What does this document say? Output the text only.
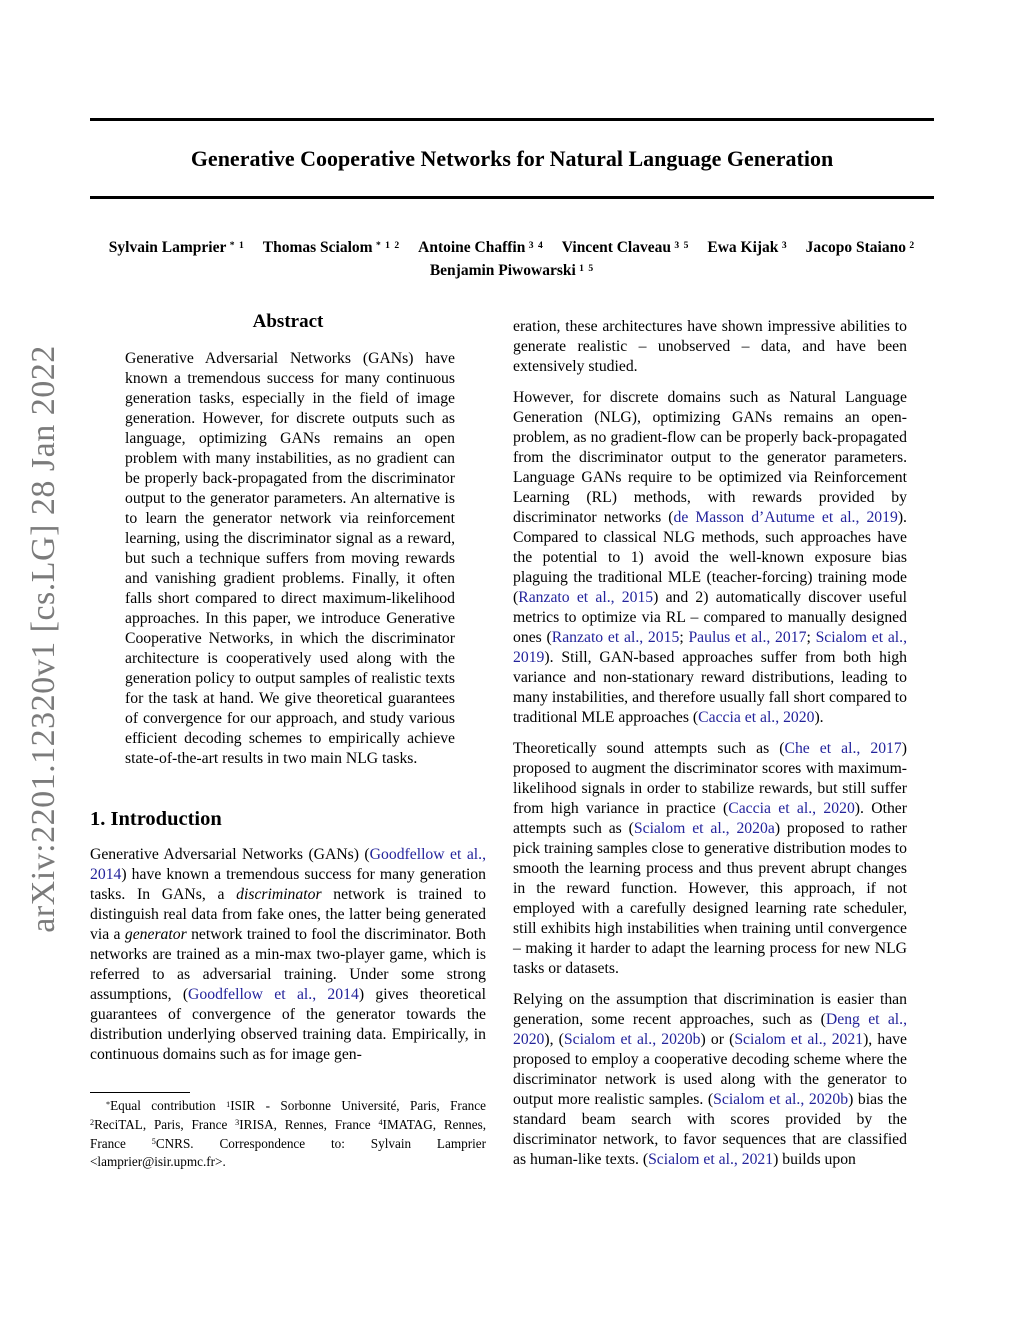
arXiv:2201.12320v1 [cs.LG] 28 Jan 2022
Generative Cooperative Networks for Natural Language Generation
Sylvain Lamprier $^{* 1}$ Thomas Scialom $^{* 1 2}$ Antoine Chaffin $^{3 4}$ Vincent Claveau $^{3 5}$ Ewa Kijak $^3$ Jacopo Staiano $^2$
Benjamin Piwowarski $^{1 5}$
Abstract

Generative Adversarial Networks (GANs) have known a tremendous success for many continuous generation tasks, especially in the field of image generation. However, for discrete outputs such as language, optimizing GANs remains an open problem with many instabilities, as no gradient can be properly back-propagated from the discriminator output to the generator parameters. An alternative is to learn the generator network via reinforcement learning, using the discriminator signal as a reward, but such a technique suffers from moving rewards and vanishing gradient problems. Finally, it often falls short compared to direct maximum-likelihood approaches. In this paper, we introduce Generative Cooperative Networks, in which the discriminator architecture is cooperatively used along with the generation policy to output samples of realistic texts for the task at hand. We give theoretical guarantees of convergence for our approach, and study various efficient decoding schemes to empirically achieve state-of-the-art results in two main NLG tasks.

1. Introduction

Generative Adversarial Networks (GANs) (Goodfellow et al., 2014) have known a tremendous success for many generation tasks. In GANs, a discriminator network is trained to distinguish real data from fake ones, the latter being generated via a generator network trained to fool the discriminator. Both networks are trained as a min-max two-player game, which is referred to as adversarial training. Under some strong assumptions, (Goodfellow et al., 2014) gives theoretical guarantees of convergence of the generator towards the distribution underlying observed training data. Empirically, in continuous domains such as for image gen-

eration, these architectures have shown impressive abilities to generate realistic – unobserved – data, and have been extensively studied.

However, for discrete domains such as Natural Language Generation (NLG), optimizing GANs remains an open-problem, as no gradient-flow can be properly back-propagated from the discriminator output to the generator parameters. Language GANs require to be optimized via Reinforcement Learning (RL) methods, with rewards provided by discriminator networks (de Masson d’Autume et al., 2019). Compared to classical NLG methods, such approaches have the potential to 1) avoid the well-known exposure bias plaguing the traditional MLE (teacher-forcing) training mode (Ranzato et al., 2015) and 2) automatically discover useful metrics to optimize via RL – compared to manually designed ones (Ranzato et al., 2015; Paulus et al., 2017; Scialom et al., 2019). Still, GAN-based approaches suffer from both high variance and non-stationary reward distributions, leading to many instabilities, and therefore usually fall short compared to traditional MLE approaches (Caccia et al., 2020).

Theoretically sound attempts such as (Che et al., 2017) proposed to augment the discriminator scores with maximum-likelihood signals in order to stabilize rewards, but still suffer from high variance in practice (Caccia et al., 2020). Other attempts such as (Scialom et al., 2020a) proposed to rather pick training samples close to generative distribution modes to smooth the learning process and thus prevent abrupt changes in the reward function. However, this approach, if not employed with a carefully designed learning rate scheduler, still exhibits high instabilities when training until convergence – making it harder to adapt the learning process for new NLG tasks or datasets.

Relying on the assumption that discrimination is easier than generation, some recent approaches, such as (Deng et al., 2020), (Scialom et al., 2020b) or (Scialom et al., 2021), have proposed to employ a cooperative decoding scheme where the discriminator network is used along with the generator to output more realistic samples. (Scialom et al., 2020b) bias the standard beam search with scores provided by the discriminator network, to favor sequences that are classified as human-like texts. (Scialom et al., 2021) builds upon

*Equal contribution $^1$ISIR - Sorbonne Université, Paris, France $^2$ReciTAL, Paris, France $^3$IRISA, Rennes, France $^4$IMATAG, Rennes, France $^5$CNRS. Correspondence to: Sylvain Lamprier <lamprier@isir.upmc.fr>.
